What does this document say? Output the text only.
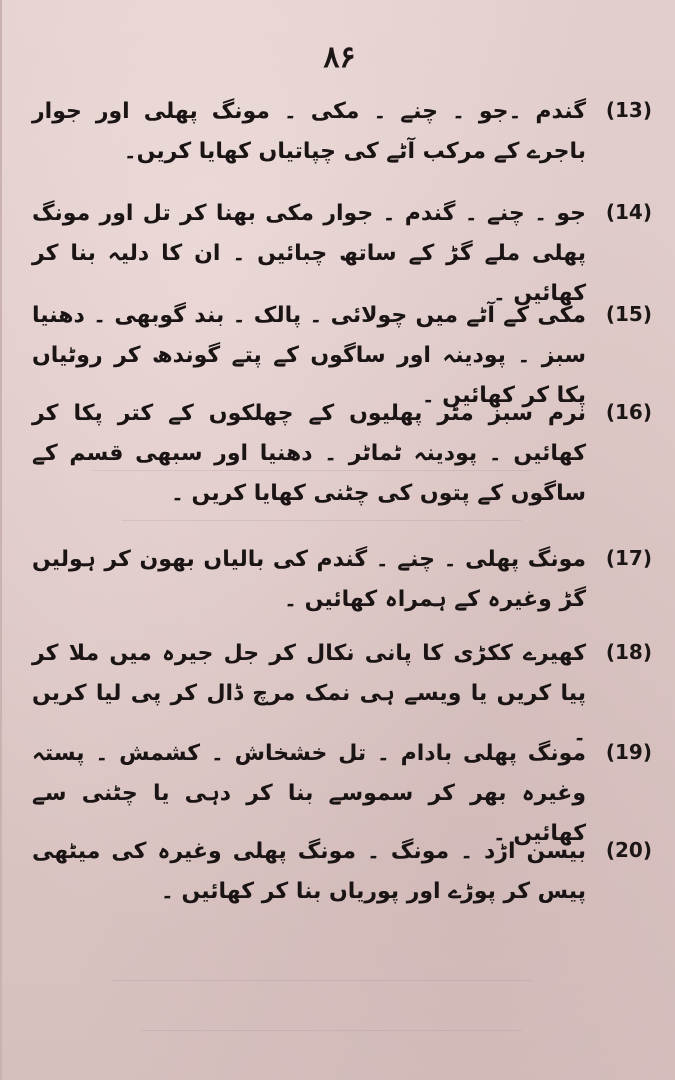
۸۶
(13)
گندم ۔جو ۔ چنے ۔ مکی ۔ مونگ پھلی اور جوار باجرے کے مرکب آٹے کی چپاتیاں کھایا کریں۔
(14)
جو ۔ چنے ۔ گندم ۔ جوار مکی بھنا کر تل اور مونگ پھلی ملے گڑ کے ساتھ چبائیں ۔ ان کا دلیہ بنا کر کھائیں ۔
(15)
مکی کے آٹے میں چولائی ۔ پالک ۔ بند گوبھی ۔ دھنیا سبز ۔ پودینہ اور ساگوں کے پتے گوندھ کر روٹیاں پکا کر کھائیں ۔
(16)
نرم سبز مٹر پھلیوں کے چھلکوں کے کتر پکا کر کھائیں ۔ پودینہ ٹماٹر ۔ دھنیا اور سبھی قسم کے ساگوں کے پتوں کی چٹنی کھایا کریں ۔
(17)
مونگ پھلی ۔ چنے ۔ گندم کی بالیاں بھون کر ہولیں گڑ وغیرہ کے ہمراہ کھائیں ۔
(18)
کھیرے ککڑی کا پانی نکال کر جل جیرہ میں ملا کر پیا کریں یا ویسے ہی نمک مرچ ڈال کر پی لیا کریں ۔
(19)
مونگ پھلی بادام ۔ تل خشخاش ۔ کشمش ۔ پستہ وغیرہ بھر کر سموسے بنا کر دہی یا چٹنی سے کھائیں ۔
(20)
بیسن اڑد ۔ مونگ ۔ مونگ پھلی وغیرہ کی میٹھی پیس کر پوڑے اور پوریاں بنا کر کھائیں ۔
